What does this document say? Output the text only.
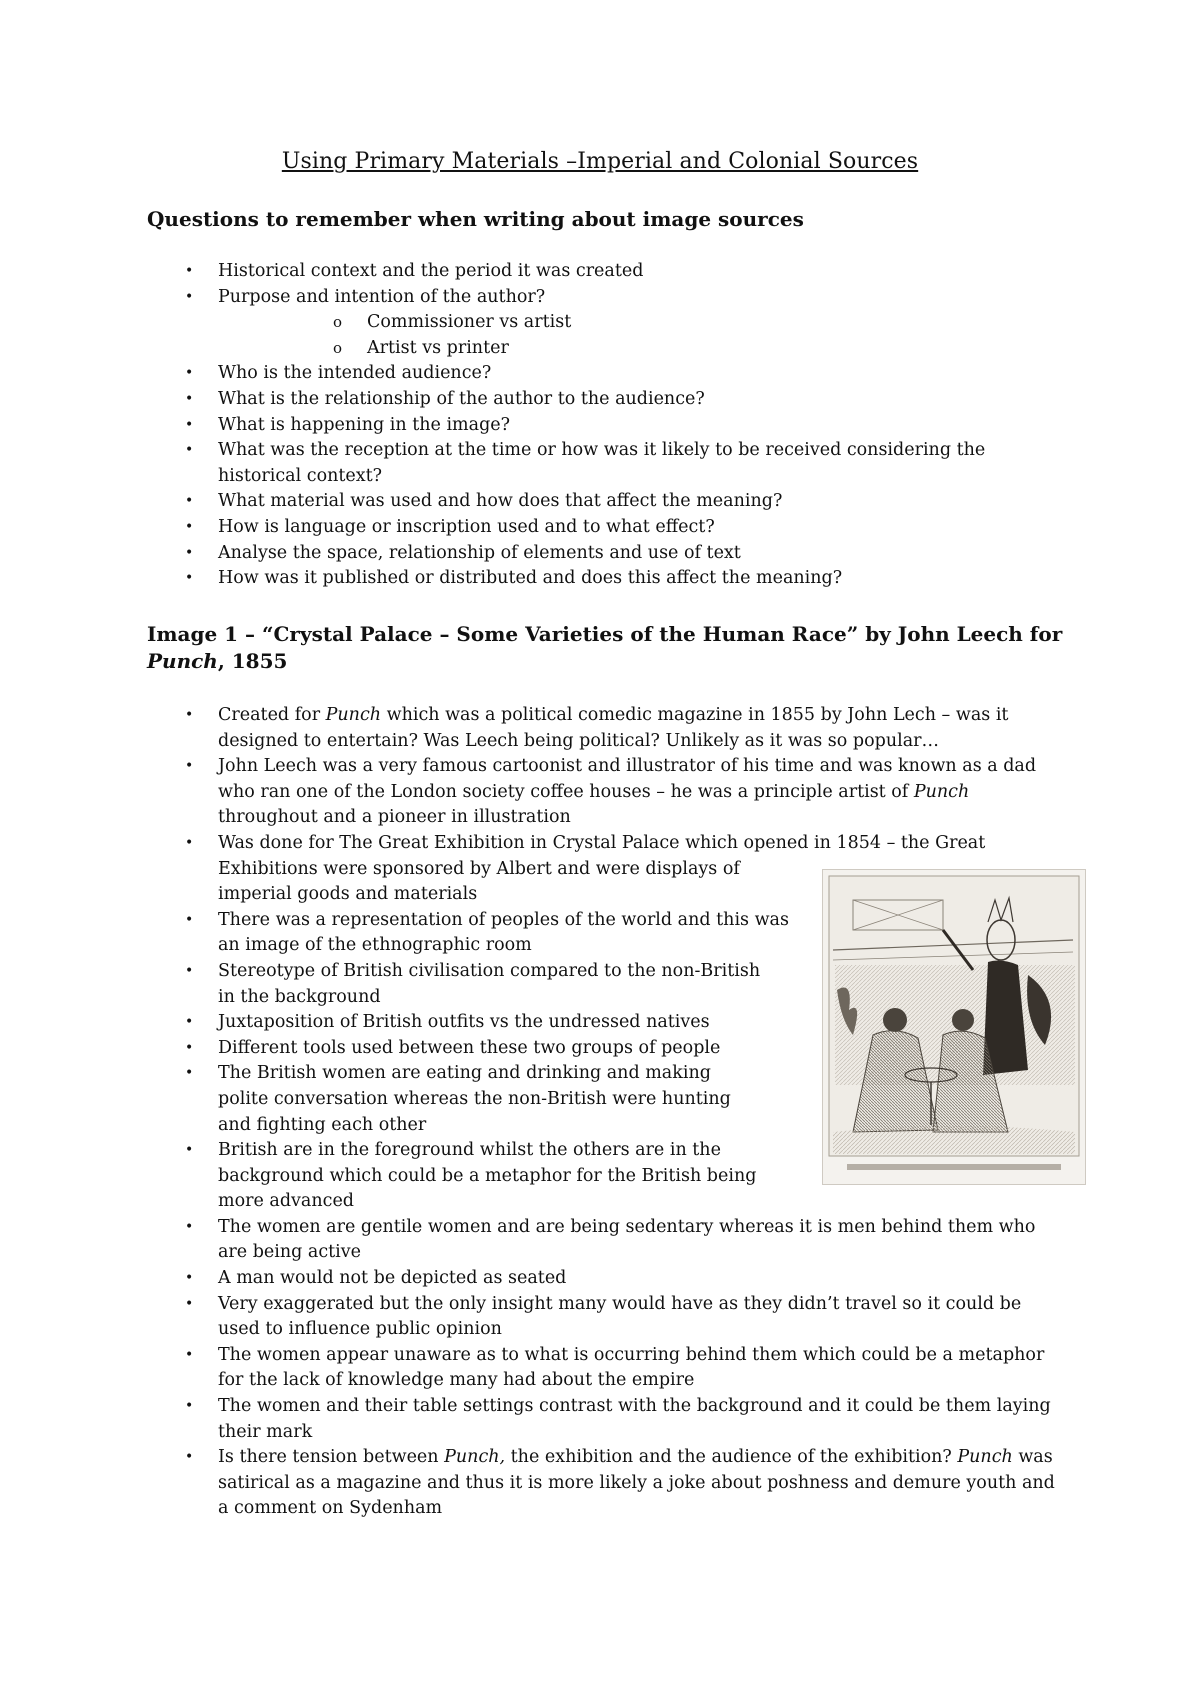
Using Primary Materials –Imperial and Colonial Sources
Questions to remember when writing about image sources
• Historical context and the period it was created
• Purpose and intention of the author?
o Commissioner vs artist
o Artist vs printer
• Who is the intended audience?
• What is the relationship of the author to the audience?
• What is happening in the image?
• What was the reception at the time or how was it likely to be received considering the
historical context?
• What material was used and how does that affect the meaning?
• How is language or inscription used and to what effect?
• Analyse the space, relationship of elements and use of text
• How was it published or distributed and does this affect the meaning?
Image 1 – “Crystal Palace – Some Varieties of the Human Race” by John Leech for
Punch, 1855
• Created for Punch which was a political comedic magazine in 1855 by John Lech – was it
designed to entertain? Was Leech being political? Unlikely as it was so popular…
• John Leech was a very famous cartoonist and illustrator of his time and was known as a dad
who ran one of the London society coffee houses – he was a principle artist of Punch
throughout and a pioneer in illustration
• Was done for The Great Exhibition in Crystal Palace which opened in 1854 – the Great
Exhibitions were sponsored by Albert and were displays of
imperial goods and materials
• There was a representation of peoples of the world and this was
an image of the ethnographic room
• Stereotype of British civilisation compared to the non-British
in the background
• Juxtaposition of British outfits vs the undressed natives
• Different tools used between these two groups of people
• The British women are eating and drinking and making
polite conversation whereas the non-British were hunting
and fighting each other
• British are in the foreground whilst the others are in the
background which could be a metaphor for the British being
more advanced
• The women are gentile women and are being sedentary whereas it is men behind them who
are being active
• A man would not be depicted as seated
• Very exaggerated but the only insight many would have as they didn’t travel so it could be
used to influence public opinion
• The women appear unaware as to what is occurring behind them which could be a metaphor
for the lack of knowledge many had about the empire
• The women and their table settings contrast with the background and it could be them laying
their mark
• Is there tension between Punch, the exhibition and the audience of the exhibition? Punch was
satirical as a magazine and thus it is more likely a joke about poshness and demure youth and
a comment on Sydenham
